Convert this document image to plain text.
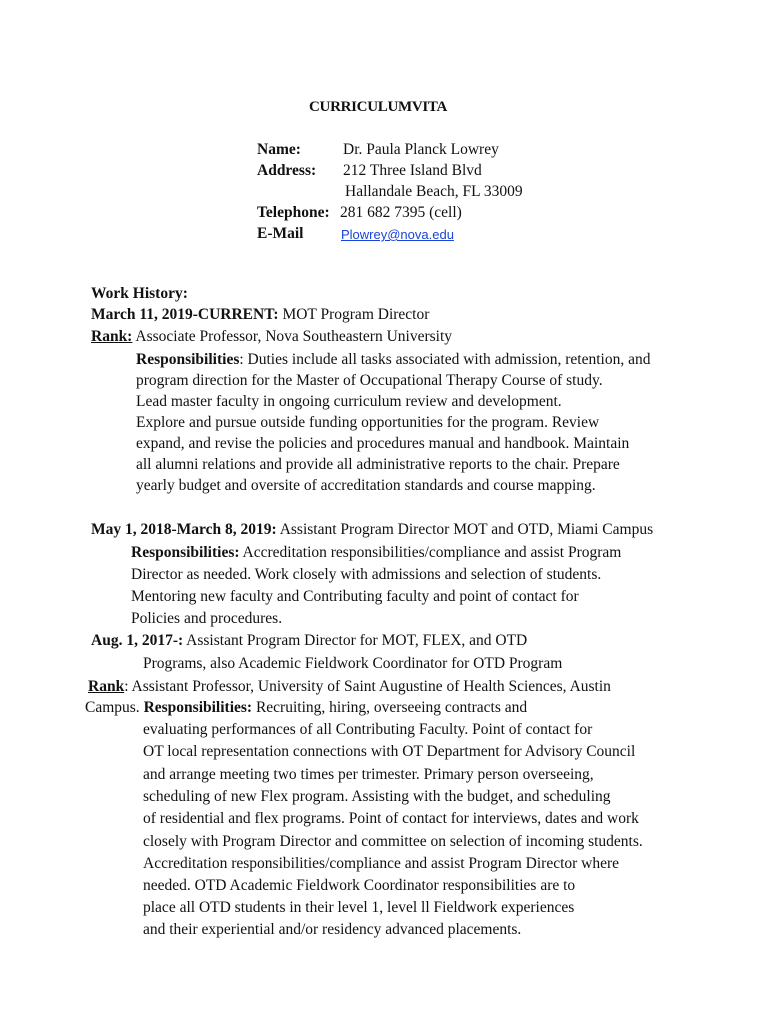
CURRICULUMVITA
Name:	Dr. Paula Planck Lowrey
Address: 212 Three Island Blvd
Hallandale Beach, FL 33009
Telephone: 281 682 7395 (cell)
E-Mail	Plowrey@nova.edu
Work History:
March 11, 2019-CURRENT: MOT Program Director
Rank: Associate Professor, Nova Southeastern University
Responsibilities: Duties include all tasks associated with admission, retention, and
program direction for the Master of Occupational Therapy Course of study.
Lead master faculty in ongoing curriculum review and development.
Explore and pursue outside funding opportunities for the program. Review
expand, and revise the policies and procedures manual and handbook. Maintain
all alumni relations and provide all administrative reports to the chair. Prepare
yearly budget and oversite of accreditation standards and course mapping.
May 1, 2018-March 8, 2019: Assistant Program Director MOT and OTD, Miami Campus
Responsibilities: Accreditation responsibilities/compliance and assist Program
Director as needed. Work closely with admissions and selection of students.
Mentoring new faculty and Contributing faculty and point of contact for
Policies and procedures.
Aug. 1, 2017-: Assistant Program Director for MOT, FLEX, and OTD
Programs, also Academic Fieldwork Coordinator for OTD Program
Rank: Assistant Professor, University of Saint Augustine of Health Sciences, Austin
Campus. Responsibilities: Recruiting, hiring, overseeing contracts and
evaluating performances of all Contributing Faculty. Point of contact for
OT local representation connections with OT Department for Advisory Council
and arrange meeting two times per trimester. Primary person overseeing,
scheduling of new Flex program. Assisting with the budget, and scheduling
of residential and flex programs. Point of contact for interviews, dates and work
closely with Program Director and committee on selection of incoming students.
Accreditation responsibilities/compliance and assist Program Director where
needed. OTD Academic Fieldwork Coordinator responsibilities are to
place all OTD students in their level 1, level ll Fieldwork experiences
and their experiential and/or residency advanced placements.
